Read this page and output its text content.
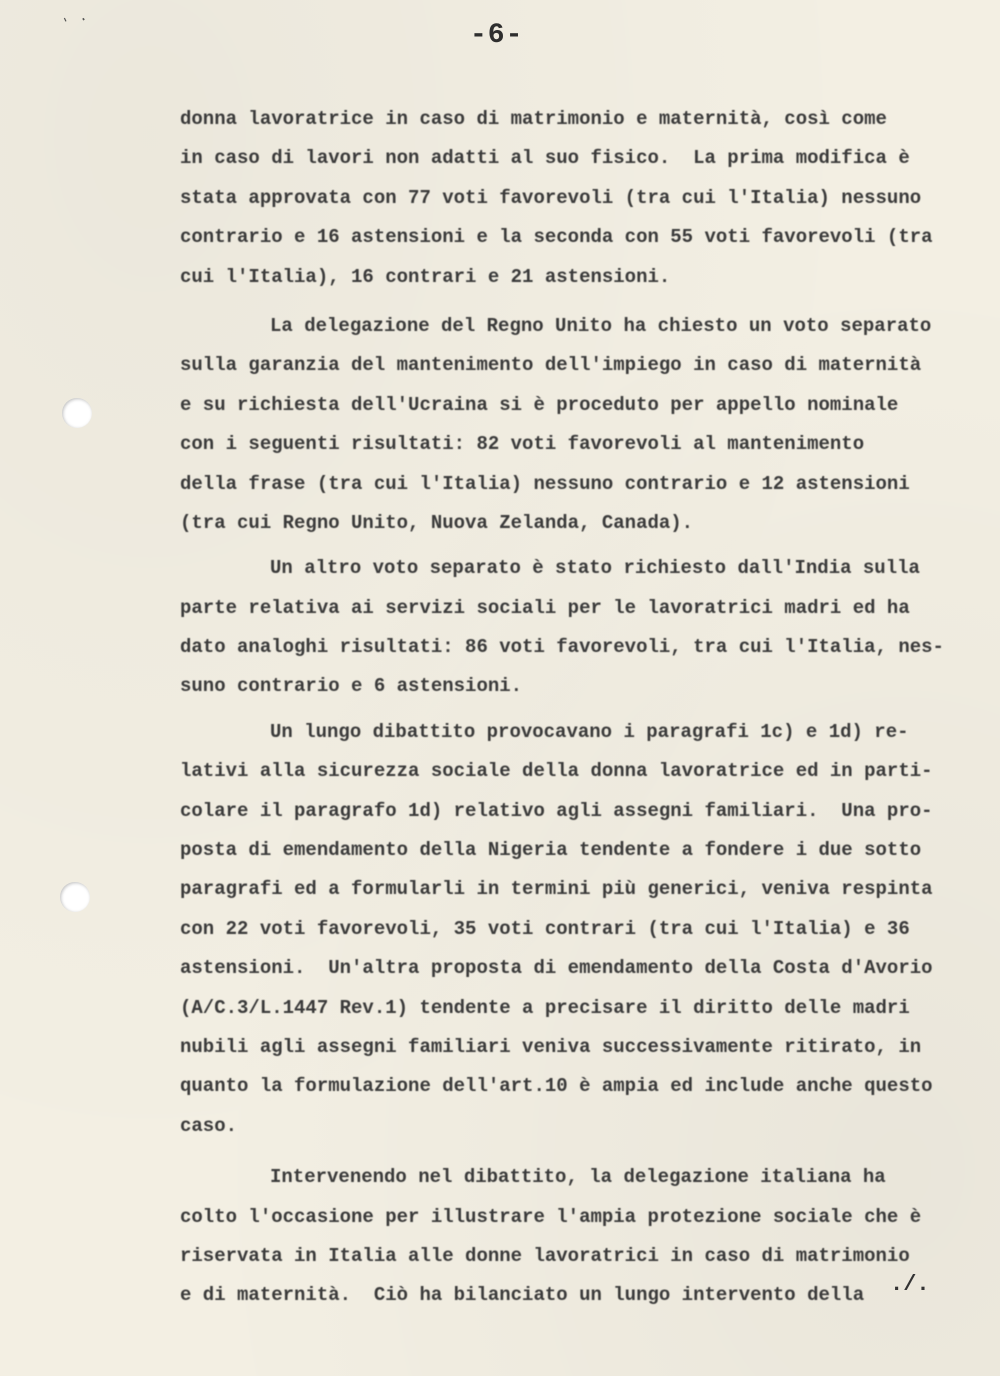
' .	-6-
donna lavoratrice in caso di matrimonio e maternità, così come
in caso di lavori non adatti al suo fisico.  La prima modifica è
stata approvata con 77 voti favorevoli (tra cui l'Italia) nessuno
contrario e 16 astensioni e la seconda con 55 voti favorevoli (tra
cui l'Italia), 16 contrari e 21 astensioni.
La delegazione del Regno Unito ha chiesto un voto separato
sulla garanzia del mantenimento dell'impiego in caso di maternità
e su richiesta dell'Ucraina si è proceduto per appello nominale
con i seguenti risultati: 82 voti favorevoli al mantenimento
della frase (tra cui l'Italia) nessuno contrario e 12 astensioni
(tra cui Regno Unito, Nuova Zelanda, Canada).
Un altro voto separato è stato richiesto dall'India sulla
parte relativa ai servizi sociali per le lavoratrici madri ed ha
dato analoghi risultati: 86 voti favorevoli, tra cui l'Italia, nes-
suno contrario e 6 astensioni.
Un lungo dibattito provocavano i paragrafi 1c) e 1d) re-
lativi alla sicurezza sociale della donna lavoratrice ed in parti-
colare il paragrafo 1d) relativo agli assegni familiari.  Una pro-
posta di emendamento della Nigeria tendente a fondere i due sotto
paragrafi ed a formularli in termini più generici, veniva respinta
con 22 voti favorevoli, 35 voti contrari (tra cui l'Italia) e 36
astensioni.  Un'altra proposta di emendamento della Costa d'Avorio
(A/C.3/L.1447 Rev.1) tendente a precisare il diritto delle madri
nubili agli assegni familiari veniva successivamente ritirato, in
quanto la formulazione dell'art.10 è ampia ed include anche questo
caso.
Intervenendo nel dibattito, la delegazione italiana ha
colto l'occasione per illustrare l'ampia protezione sociale che è
riservata in Italia alle donne lavoratrici in caso di matrimonio
e di maternità.  Ciò ha bilanciato un lungo intervento della	./.
